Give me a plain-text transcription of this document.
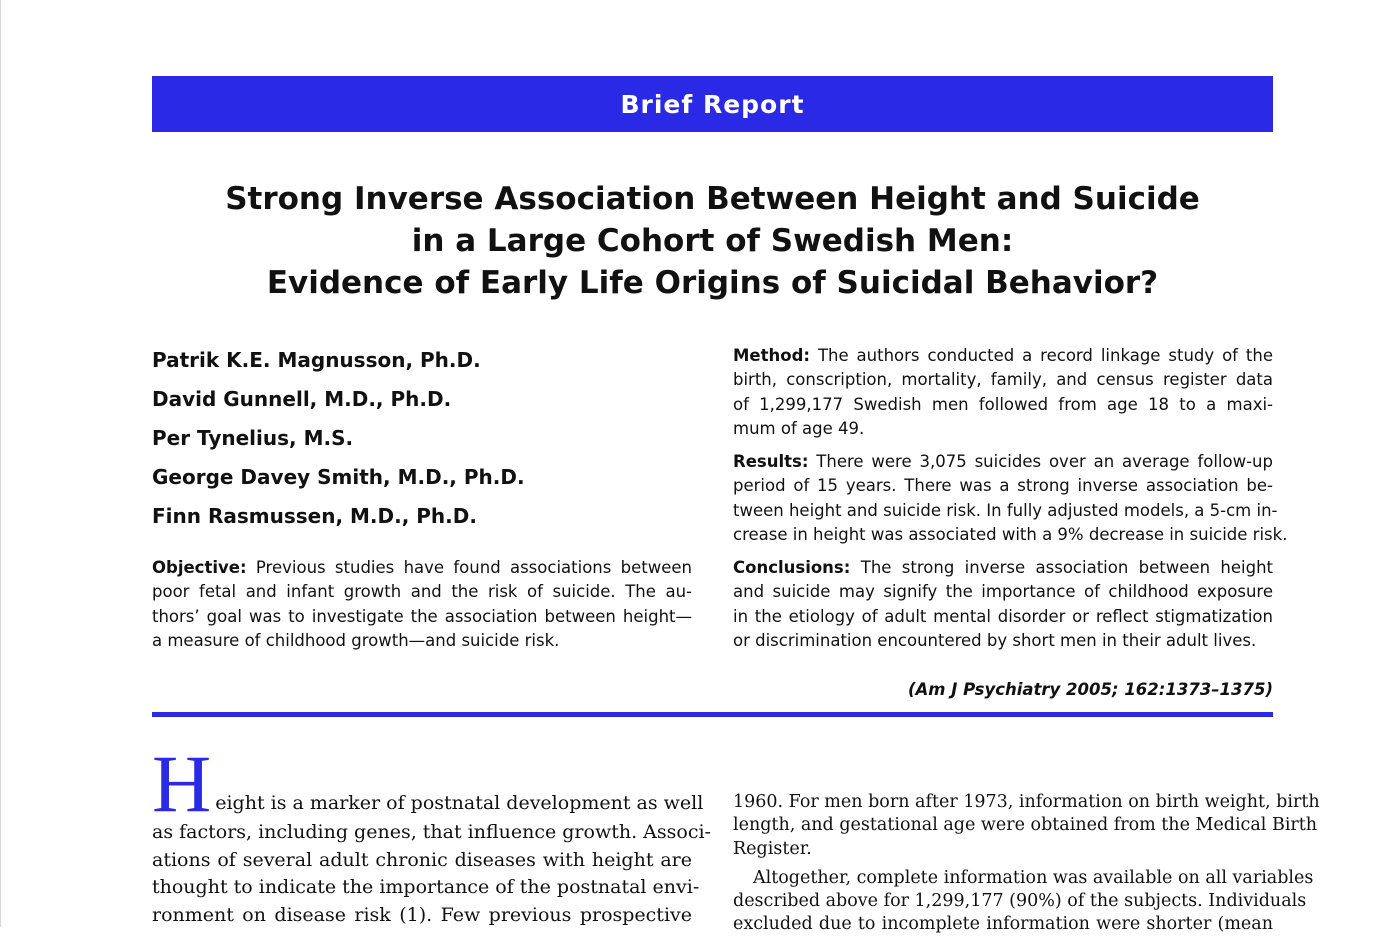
Brief Report
Strong Inverse Association Between Height and Suicide
in a Large Cohort of Swedish Men:
Evidence of Early Life Origins of Suicidal Behavior?
Patrik K.E. Magnusson, Ph.D.
David Gunnell, M.D., Ph.D.
Per Tynelius, M.S.
George Davey Smith, M.D., Ph.D.
Finn Rasmussen, M.D., Ph.D.

Objective: Previous studies have found associations between
poor fetal and infant growth and the risk of suicide. The au-
thors’ goal was to investigate the association between height—
a measure of childhood growth—and suicide risk.

Method: The authors conducted a record linkage study of the
birth, conscription, mortality, family, and census register data
of 1,299,177 Swedish men followed from age 18 to a maxi-
mum of age 49.

Results: There were 3,075 suicides over an average follow-up
period of 15 years. There was a strong inverse association be-
tween height and suicide risk. In fully adjusted models, a 5-cm in-
crease in height was associated with a 9% decrease in suicide risk.

Conclusions: The strong inverse association between height
and suicide may signify the importance of childhood exposure
in the etiology of adult mental disorder or reflect stigmatization
or discrimination encountered by short men in their adult lives.

(Am J Psychiatry 2005; 162:1373–1375)

H eight is a marker of postnatal development as well
as factors, including genes, that influence growth. Associ-
ations of several adult chronic diseases with height are
thought to indicate the importance of the postnatal envi-
ronment on disease risk (1). Few previous prospective

1960. For men born after 1973, information on birth weight, birth
length, and gestational age were obtained from the Medical Birth
Register.
Altogether, complete information was available on all variables
described above for 1,299,177 (90%) of the subjects. Individuals
excluded due to incomplete information were shorter (mean
